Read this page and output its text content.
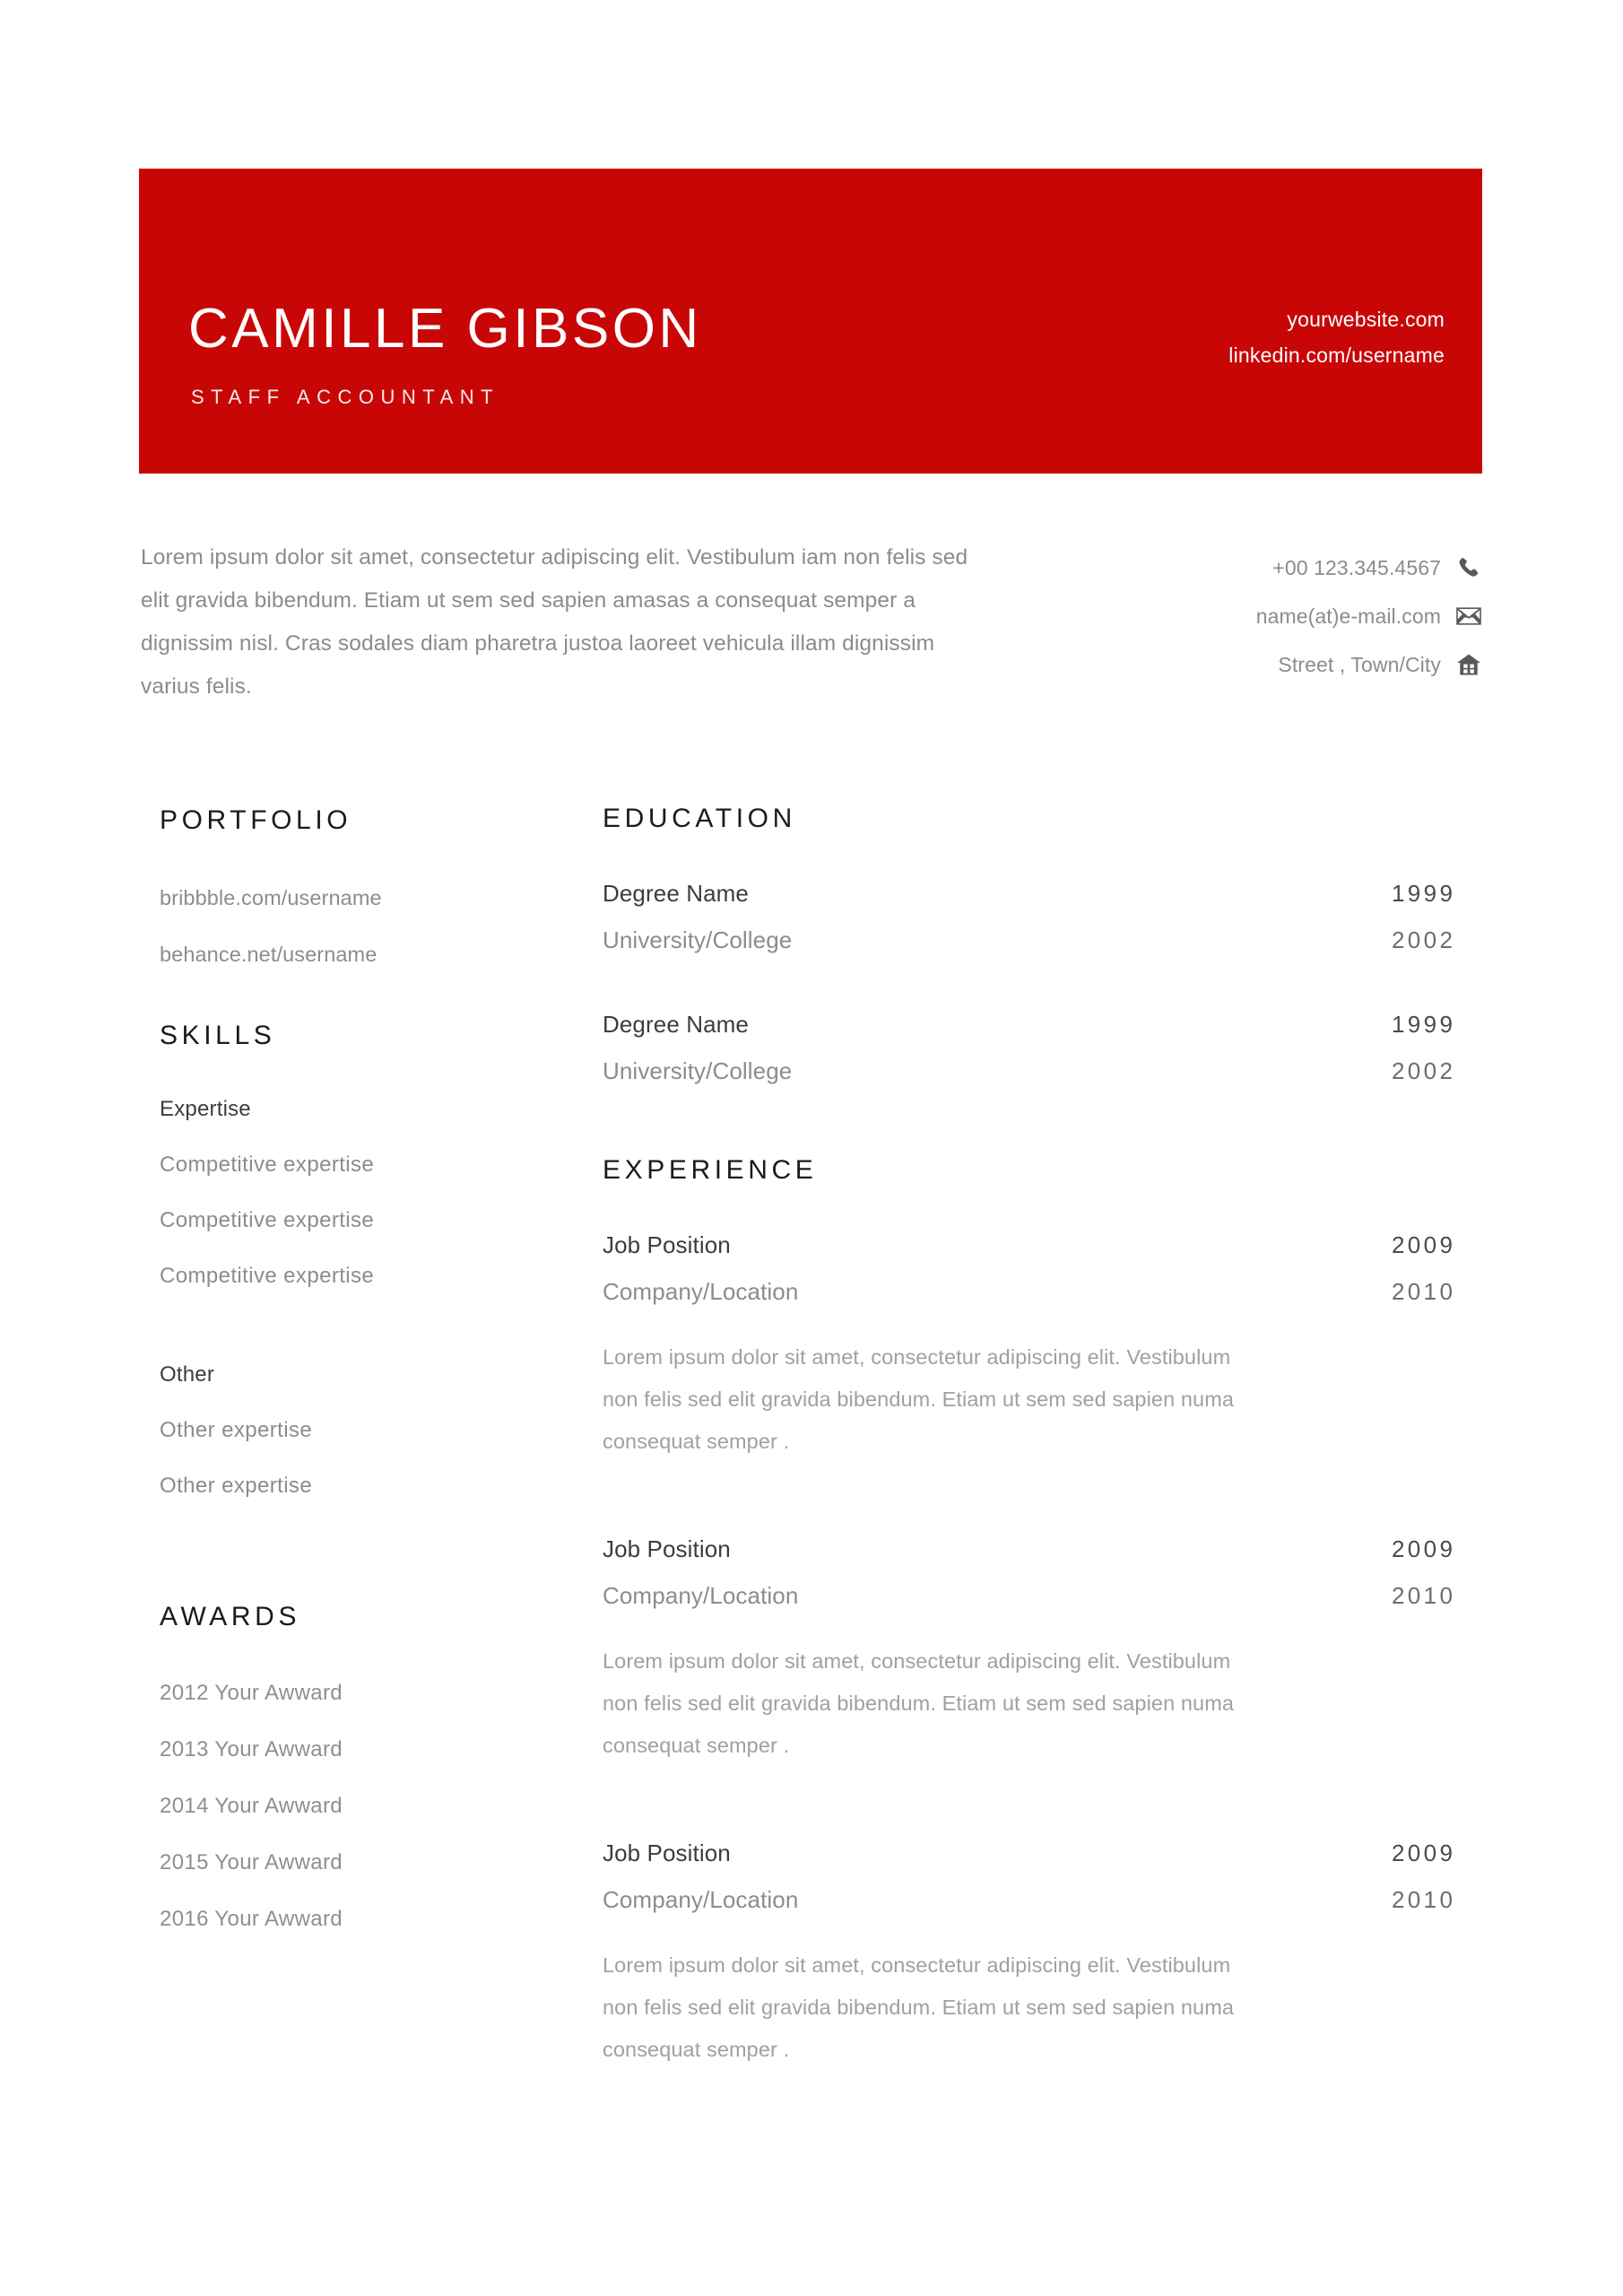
CAMILLE GIBSON
STAFF ACCOUNTANT
yourwebsite.com
linkedin.com/username
Lorem ipsum dolor sit amet, consectetur adipiscing elit. Vestibulum iam non felis sed elit gravida bibendum. Etiam ut sem sed sapien amasas a consequat semper a dignissim nisl. Cras sodales diam pharetra justoa laoreet vehicula illam dignissim varius felis.
+00 123.345.4567
name(at)e-mail.com
Street , Town/City
PORTFOLIO
bribbble.com/username
behance.net/username
SKILLS
Expertise
Competitive expertise
Competitive expertise
Competitive expertise
Other
Other expertise
Other expertise
AWARDS
2012 Your Awward
2013 Your Awward
2014 Your Awward
2015 Your Awward
2016 Your Awward
EDUCATION
Degree Name	1999
University/College	2002
Degree Name	1999
University/College	2002
EXPERIENCE
Job Position	2009
Company/Location	2010
Lorem ipsum dolor sit amet, consectetur adipiscing elit. Vestibulum non felis sed elit gravida bibendum. Etiam ut sem sed sapien numa consequat semper .
Job Position	2009
Company/Location	2010
Lorem ipsum dolor sit amet, consectetur adipiscing elit. Vestibulum non felis sed elit gravida bibendum. Etiam ut sem sed sapien numa consequat semper .
Job Position	2009
Company/Location	2010
Lorem ipsum dolor sit amet, consectetur adipiscing elit. Vestibulum non felis sed elit gravida bibendum. Etiam ut sem sed sapien numa consequat semper .
